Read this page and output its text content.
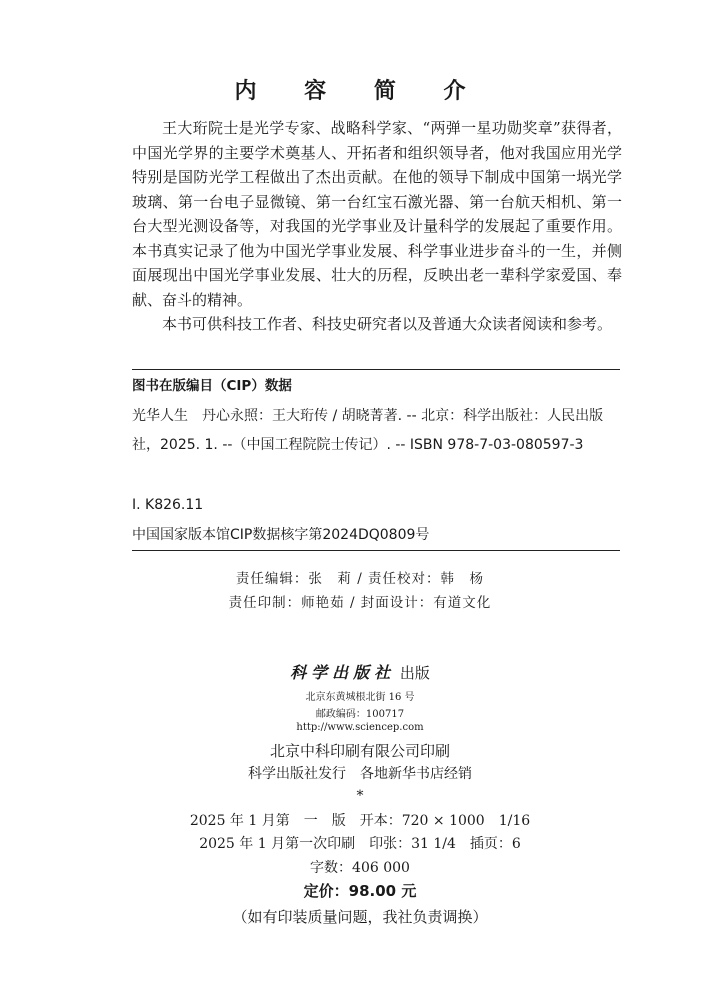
内 容 简 介

王大珩院士是光学专家、战略科学家、“两弹一星功勋奖章”获得者，中国光学界的主要学术奠基人、开拓者和组织领导者，他对我国应用光学特别是国防光学工程做出了杰出贡献。在他的领导下制成中国第一埚光学玻璃、第一台电子显微镜、第一台红宝石激光器、第一台航天相机、第一台大型光测设备等，对我国的光学事业及计量科学的发展起了重要作用。本书真实记录了他为中国光学事业发展、科学事业进步奋斗的一生，并侧面展现出中国光学事业发展、壮大的历程，反映出老一辈科学家爱国、奉献、奋斗的精神。

本书可供科技工作者、科技史研究者以及普通大众读者阅读和参考。

图书在版编目（CIP）数据
光华人生　丹心永照：王大珩传 / 胡晓菁著. -- 北京：科学出版社：人民出版社，2025. 1. --（中国工程院院士传记）. -- ISBN 978-7-03-080597-3
Ⅰ. K826.11
中国国家版本馆CIP数据核字第2024DQ0809号
责任编辑：张　莉 / 责任校对：韩　杨
责任印制：师艳茹 / 封面设计：有道文化
科学出版社 出版
北京东黄城根北街 16 号
邮政编码：100717
http://www.sciencep.com
北京中科印刷有限公司印刷
科学出版社发行　各地新华书店经销
*
2025 年 1 月第　一　版　开本：720 × 1000　1/16
2025 年 1 月第一次印刷　印张：31 1/4　插页：6
字数：406 000
定价：98.00 元
（如有印装质量问题，我社负责调换）
